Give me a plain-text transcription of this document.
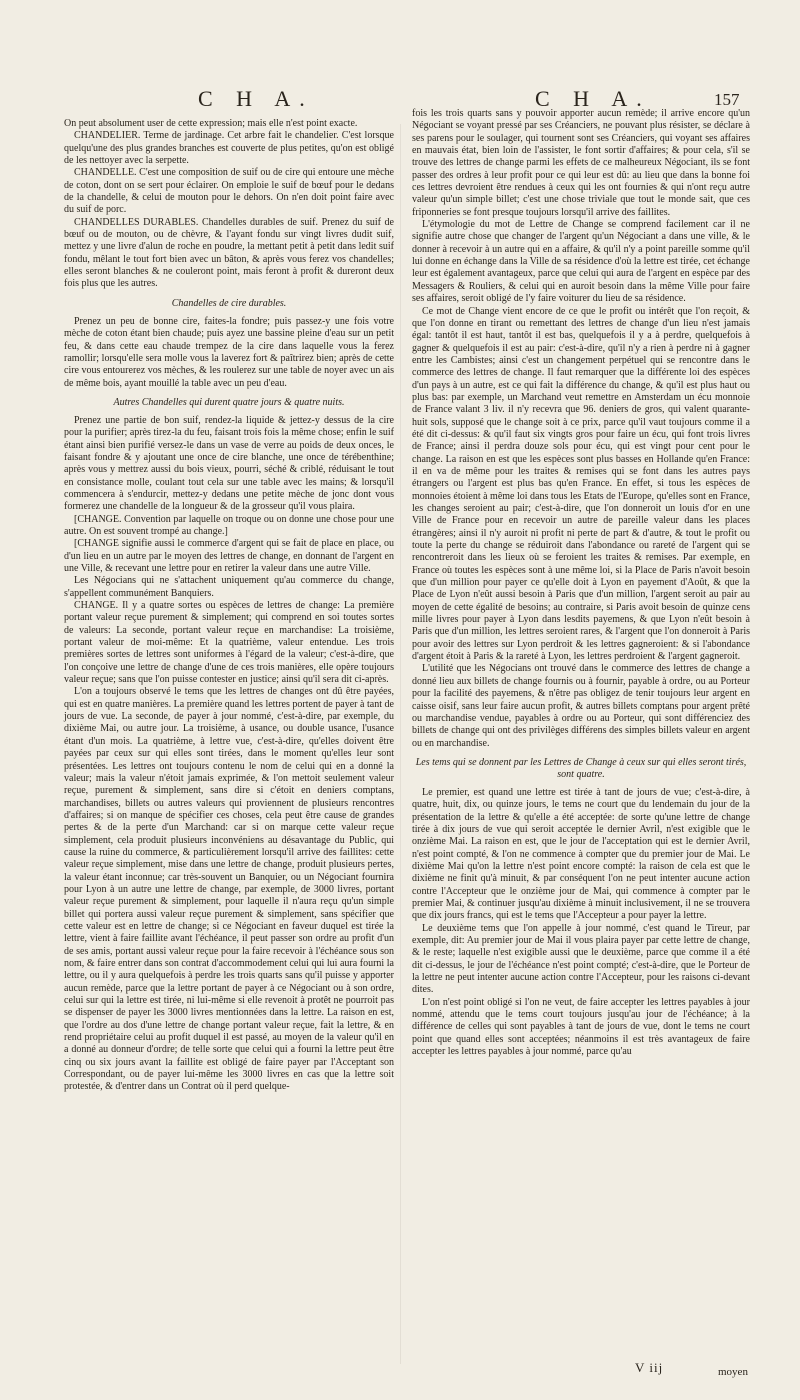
C H A.	C H A.	157

On peut absolument user de cette expression; mais elle n'est point exacte.

CHANDELIER. Terme de jardinage. Cet arbre fait le chandelier. C'est lorsque quelqu'une des plus grandes branches est couverte de plus petites, qu'on est obligé de les nettoyer avec la serpette.

CHANDELLE. C'est une composition de suif ou de cire qui entoure une mèche de coton, dont on se sert pour éclairer. On emploie le suif de bœuf pour le dedans de la chandelle, & celui de mouton pour le dehors. On n'en doit point faire avec du suif de porc.

CHANDELLES DURABLES. Chandelles durables de suif. Prenez du suif de bœuf ou de mouton, ou de chèvre, & l'ayant fondu sur vingt livres dudit suif, mettez y une livre d'alun de roche en poudre, la mettant petit à petit dans ledit suif fondu, mêlant le tout fort bien avec un bâton, & après vous ferez vos chandelles; elles seront blanches & ne couleront point, mais feront à profit & dureront deux fois plus que les autres.

Chandelles de cire durables.

Prenez un peu de bonne cire, faites-la fondre; puis passez-y une fois votre mèche de coton étant bien chaude; puis ayez une bassine pleine d'eau sur un petit feu, & dans cette eau chaude trempez de la cire dans laquelle vous la ferez ramollir; lorsqu'elle sera molle vous la laverez fort & paîtrirez bien; après de cette cire vous entourerez vos mèches, & les roulerez sur une table de noyer avec un ais de même bois, ayant mouillé la table avec un peu d'eau.

Autres Chandelles qui durent quatre jours & quatre nuits.

Prenez une partie de bon suif, rendez-la liquide & jettez-y dessus de la cire pour la purifier; après tirez-la du feu, faisant trois fois la même chose; enfin le suif étant ainsi bien purifié versez-le dans un vase de verre au poids de deux onces, le faisant fondre & y ajoutant une once de cire blanche, une once de térébenthine; après vous y mettrez aussi du bois vieux, pourri, séché & criblé, réduisant le tout en consistance molle, coulant tout cela sur une table avec les mains; & lorsqu'il commencera à s'endurcir, mettez-y dedans une petite mèche de jonc dont vous formerez une chandelle de la longueur & de la grosseur qu'il vous plaira.

[CHANGE. Convention par laquelle on troque ou on donne une chose pour une autre. On est souvent trompé au change.]

[CHANGE signifie aussi le commerce d'argent qui se fait de place en place, ou d'un lieu en un autre par le moyen des lettres de change, en donnant de l'argent en une Ville, & recevant une lettre pour en retirer la valeur dans une autre Ville.

Les Négocians qui ne s'attachent uniquement qu'au commerce du change, s'appellent communément Banquiers.

CHANGE. Il y a quatre sortes ou espèces de lettres de change: La première portant valeur reçue purement & simplement; qui comprend en soi toutes sortes de valeurs: La seconde, portant valeur reçue en marchandise: La troisième, portant valeur de moi-même: Et la quatrième, valeur entendue. Les trois premières sortes de lettres sont uniformes à l'égard de la valeur; c'est-à-dire, que l'on conçoive une lettre de change d'une de ces trois manières, elle opère toujours valeur reçue; sans que l'on puisse contester en justice; ainsi qu'il sera dit ci-après.

L'on a toujours observé le tems que les lettres de changes ont dû être payées, qui est en quatre manières. La première quand les lettres portent de payer à tant de jours de vue. La seconde, de payer à jour nommé, c'est-à-dire, par exemple, du dixième Mai, ou autre jour. La troisième, à usance, ou double usance, l'usance étant d'un mois. La quatrième, à lettre vue, c'est-à-dire, qu'elles doivent être payées par ceux sur qui elles sont tirées, dans le moment qu'elles leur sont présentées. Les lettres ont toujours contenu le nom de celui qui en a donné la valeur; mais la valeur n'étoit jamais exprimée, & l'on mettoit seulement valeur reçue, purement & simplement, sans dire si c'étoit en deniers comptans, marchandises, billets ou autres valeurs qui proviennent de plusieurs rencontres d'affaires; si on manque de spécifier ces choses, cela peut être cause de grandes pertes & de la perte d'un Marchand: car si on marque cette valeur reçue simplement, cela produit plusieurs inconvéniens au désavantage du Public, qui cause la ruine du commerce, & particulièrement lorsqu'il arrive des faillites: cette valeur reçue simplement, mise dans une lettre de change, produit plusieurs pertes, la valeur étant inconnue; car très-souvent un Banquier, ou un Négociant fournira pour Lyon à un autre une lettre de change, par exemple, de 3000 livres, portant valeur reçue purement & simplement, pour laquelle il n'aura reçu qu'un simple billet qui portera aussi valeur reçue purement & simplement, sans spécifier que cette valeur est en lettre de change; si ce Négociant en faveur duquel est tirée la lettre, vient à faire faillite avant l'échéance, il peut passer son ordre au profit d'un de ses amis, portant aussi valeur reçue pour la faire recevoir à l'échéance sous son nom, & faire entrer dans son contrat d'accommodement celui qui lui aura fourni la lettre, ou il y aura quelquefois à perdre les trois quarts sans qu'il puisse y apporter aucun remède, parce que la lettre portant de payer à ce Négociant ou à son ordre, celui sur qui la lettre est tirée, ni lui-même si elle revenoit à protêt ne pourroit pas se dispenser de payer les 3000 livres mentionnées dans la lettre. La raison en est, que l'ordre au dos d'une lettre de change portant valeur reçue, fait la lettre, & en rend propriétaire celui au profit duquel il est passé, au moyen de la valeur qu'il en a donné au donneur d'ordre; de telle sorte que celui qui a fourni la lettre peut être cinq ou six jours avant la faillite est obligé de faire payer par l'Acceptant son Correspondant, ou de payer lui-même les 3000 livres en cas que la lettre soit protestée, & d'entrer dans un Contrat où il perd quelque-

fois les trois quarts sans y pouvoir apporter aucun remède; il arrive encore qu'un Négociant se voyant pressé par ses Créanciers, ne pouvant plus résister, se déclare à ses parens pour le soulager, qui tournent sont ses Créanciers, qui voyant ses affaires en mauvais état, bien loin de l'assister, le font sortir d'affaires; & pour cela, s'il se trouve des lettres de change parmi les effets de ce malheureux Négociant, ils se font passer des ordres à leur profit pour ce qui leur est dû: au lieu que dans la bonne foi ces lettres devroient être rendues à ceux qui les ont fournies & qui n'ont reçu autre valeur qu'un simple billet; c'est une chose triviale que tout le monde sait, que ces friponneries se font presque toujours lorsqu'il arrive des faillites.

L'étymologie du mot de Lettre de Change se comprend facilement car il ne signifie autre chose que changer de l'argent qu'un Négociant a dans une ville, & le donner à recevoir à un autre qui en a affaire, & qu'il n'y a point pareille somme qu'il lui donne en échange dans la Ville de sa résidence d'où la lettre est tirée, cet échange leur est également avantageux, parce que celui qui aura de l'argent en espèce par des Messagers & Rouliers, & celui qui en auroit besoin dans la même Ville pour faire ses affaires, seroit obligé de l'y faire voiturer du lieu de sa résidence.

Ce mot de Change vient encore de ce que le profit ou intérêt que l'on reçoit, & que l'on donne en tirant ou remettant des lettres de change d'un lieu n'est jamais égal: tantôt il est haut, tantôt il est bas, quelquefois il y a à perdre, quelquefois à gagner & quelquefois il est au pair: c'est-à-dire, qu'il n'y a rien à perdre ni à gagner entre les Cambistes; ainsi c'est un changement perpétuel qui se rencontre dans le commerce des lettres de change. Il faut remarquer que la différente loi des espèces d'un pays à un autre, est ce qui fait la différence du change, & qu'il est plus haut ou plus bas: par exemple, un Marchand veut remettre en Amsterdam un écu monnoie de France valant 3 liv. il n'y recevra que 96. deniers de gros, qui valent quarante-huit sols, supposé que le change soit à ce prix, parce qu'il vaut toujours comme il a été dit ci-dessus: & qu'il faut six vingts gros pour faire un écu, qui font trois livres de France; ainsi il perdra douze sols pour écu, qui est vingt pour cent pour le change. La raison en est que les espèces sont plus basses en Hollande qu'en France: il en va de même pour les traites & remises qui se font dans les autres pays étrangers ou l'argent est plus bas qu'en France. En effet, si tous les espèces de monnoies étoient à même loi dans tous les Etats de l'Europe, qu'elles sont en France, les changes seroient au pair; c'est-à-dire, que l'on donneroit un louis d'or en une Ville de France pour en recevoir un autre de pareille valeur dans les places étrangères; ainsi il n'y auroit ni profit ni perte de part & d'autre, & tout le profit ou toute la perte du change se réduiroit dans l'abondance ou rareté de l'argent qui se rencontreroit dans les lieux où se feroient les traites & remises. Par exemple, en France où toutes les espèces sont à une même loi, si la Place de Paris n'avoit besoin que d'un million pour payer ce qu'elle doit à Lyon en payement d'Août, & que la Place de Lyon n'eût aussi besoin à Paris que d'un million, l'argent seroit au pair au moyen de cette égalité de besoins; au contraire, si Paris avoit besoin de quinze cens mille livres pour payer à Lyon dans lesdits payemens, & que Lyon n'eût besoin à Paris que d'un million, les lettres seroient rares, & l'argent que l'on donneroit à Paris pour avoir des lettres sur Lyon perdroit & les lettres gagneroient: & si l'abondance d'argent étoit à Paris & la rareté à Lyon, les lettres perdroient & l'argent gagneroit.

L'utilité que les Négocians ont trouvé dans le commerce des lettres de change a donné lieu aux billets de change fournis ou à fournir, payable à ordre, ou au Porteur pour la facilité des payemens, & n'être pas obligez de tenir toujours leur argent en caisse oisif, sans leur faire aucun profit, & autres billets comptans pour argent prêté ou marchandise vendue, payables à ordre ou au Porteur, qui sont différenciez des billets de change qui ont des privilèges différens des simples billets valeur en argent ou en marchandise.

Les tems qui se donnent par les Lettres de Change à ceux sur qui elles seront tirés, sont quatre.

Le premier, est quand une lettre est tirée à tant de jours de vue; c'est-à-dire, à quatre, huit, dix, ou quinze jours, le tems ne court que du lendemain du jour de la présentation de la lettre & qu'elle a été acceptée: de sorte qu'une lettre de change tirée à dix jours de vue qui seroit acceptée le dernier Avril, n'est exigible que le onzième Mai. La raison en est, que le jour de l'acceptation qui est le dernier Avril, n'est point compté, & l'on ne commence à compter que du premier jour de Mai. Le dixième Mai qu'on la lettre n'est point encore compté: la raison de cela est que le dixième ne finit qu'à minuit, & par conséquent l'on ne peut intenter aucune action contre l'Accepteur que le onzième jour de Mai, qui commence à compter par le premier Mai, & continuer jusqu'au dixième à minuit inclusivement, il ne se trouvera que dix jours francs, qui est le tems que l'Accepteur a pour payer la lettre.

Le deuxième tems que l'on appelle à jour nommé, c'est quand le Tireur, par exemple, dit: Au premier jour de Mai il vous plaira payer par cette lettre de change, & le reste; laquelle n'est exigible aussi que le deuxième, parce que comme il a été dit ci-dessus, le jour de l'échéance n'est point compté; c'est-à-dire, que le Porteur de la lettre ne peut intenter aucune action contre l'Accepteur, pour les raisons ci-devant dites.

L'on n'est point obligé si l'on ne veut, de faire accepter les lettres payables à jour nommé, attendu que le tems court toujours jusqu'au jour de l'échéance; à la différence de celles qui sont payables à tant de jours de vue, dont le tems ne court point que quand elles sont acceptées; néanmoins il est très avantageux de faire accepter les lettres payables à jour nommé, parce qu'au

V iij	moyen
